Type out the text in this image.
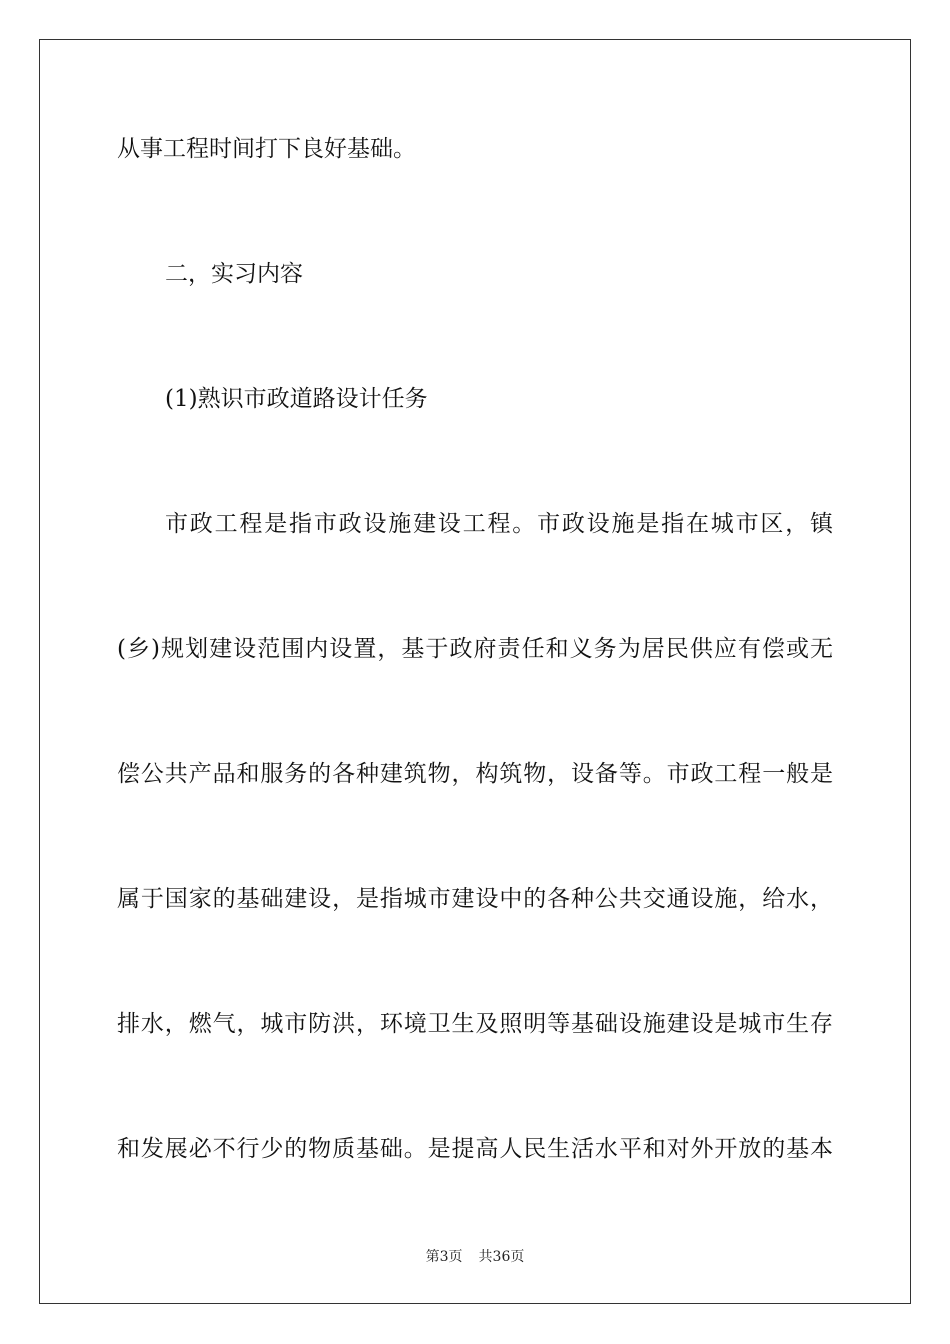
从事工程时间打下良好基础。
二，实习内容
(1)熟识市政道路设计任务
市政工程是指市政设施建设工程。市政设施是指在城市区，镇
(乡)规划建设范围内设置，基于政府责任和义务为居民供应有偿或无
偿公共产品和服务的各种建筑物，构筑物，设备等。市政工程一般是
属于国家的基础建设，是指城市建设中的各种公共交通设施，给水，
排水，燃气，城市防洪，环境卫生及照明等基础设施建设是城市生存
和发展必不行少的物质基础。是提高人民生活水平和对外开放的基本
第3页 共36页
